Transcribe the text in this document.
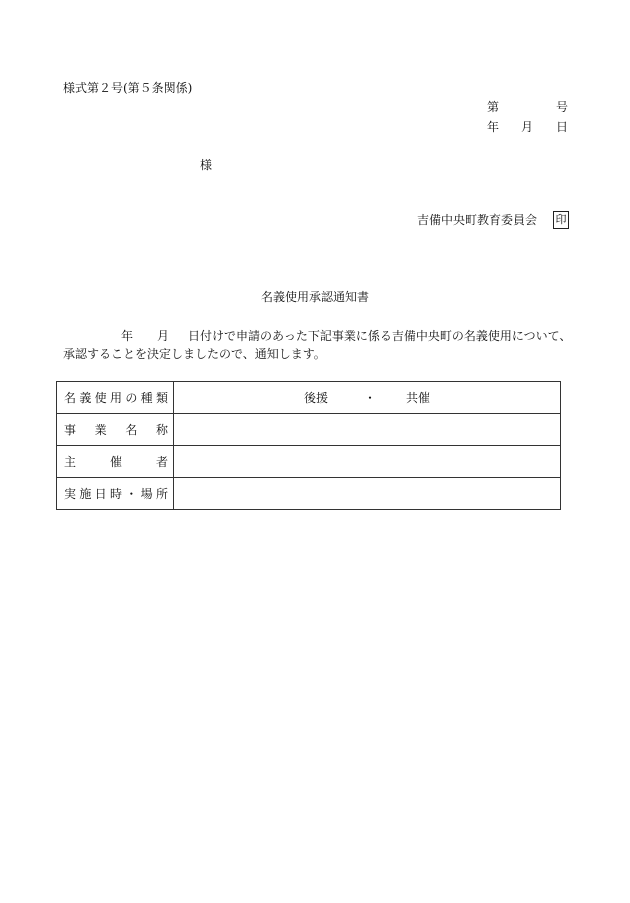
様式第２号(第５条関係)
第	号
年 月 日
様
吉備中央町教育委員会 印
名義使用承認通知書
年 月 日付けで申請のあった下記事業に係る吉備中央町の名義使用について、
承認することを決定しましたので、通知します。
名義使用の種類	後援 ・ 共催

事業名称	
主催者	
実施日時・場所	
